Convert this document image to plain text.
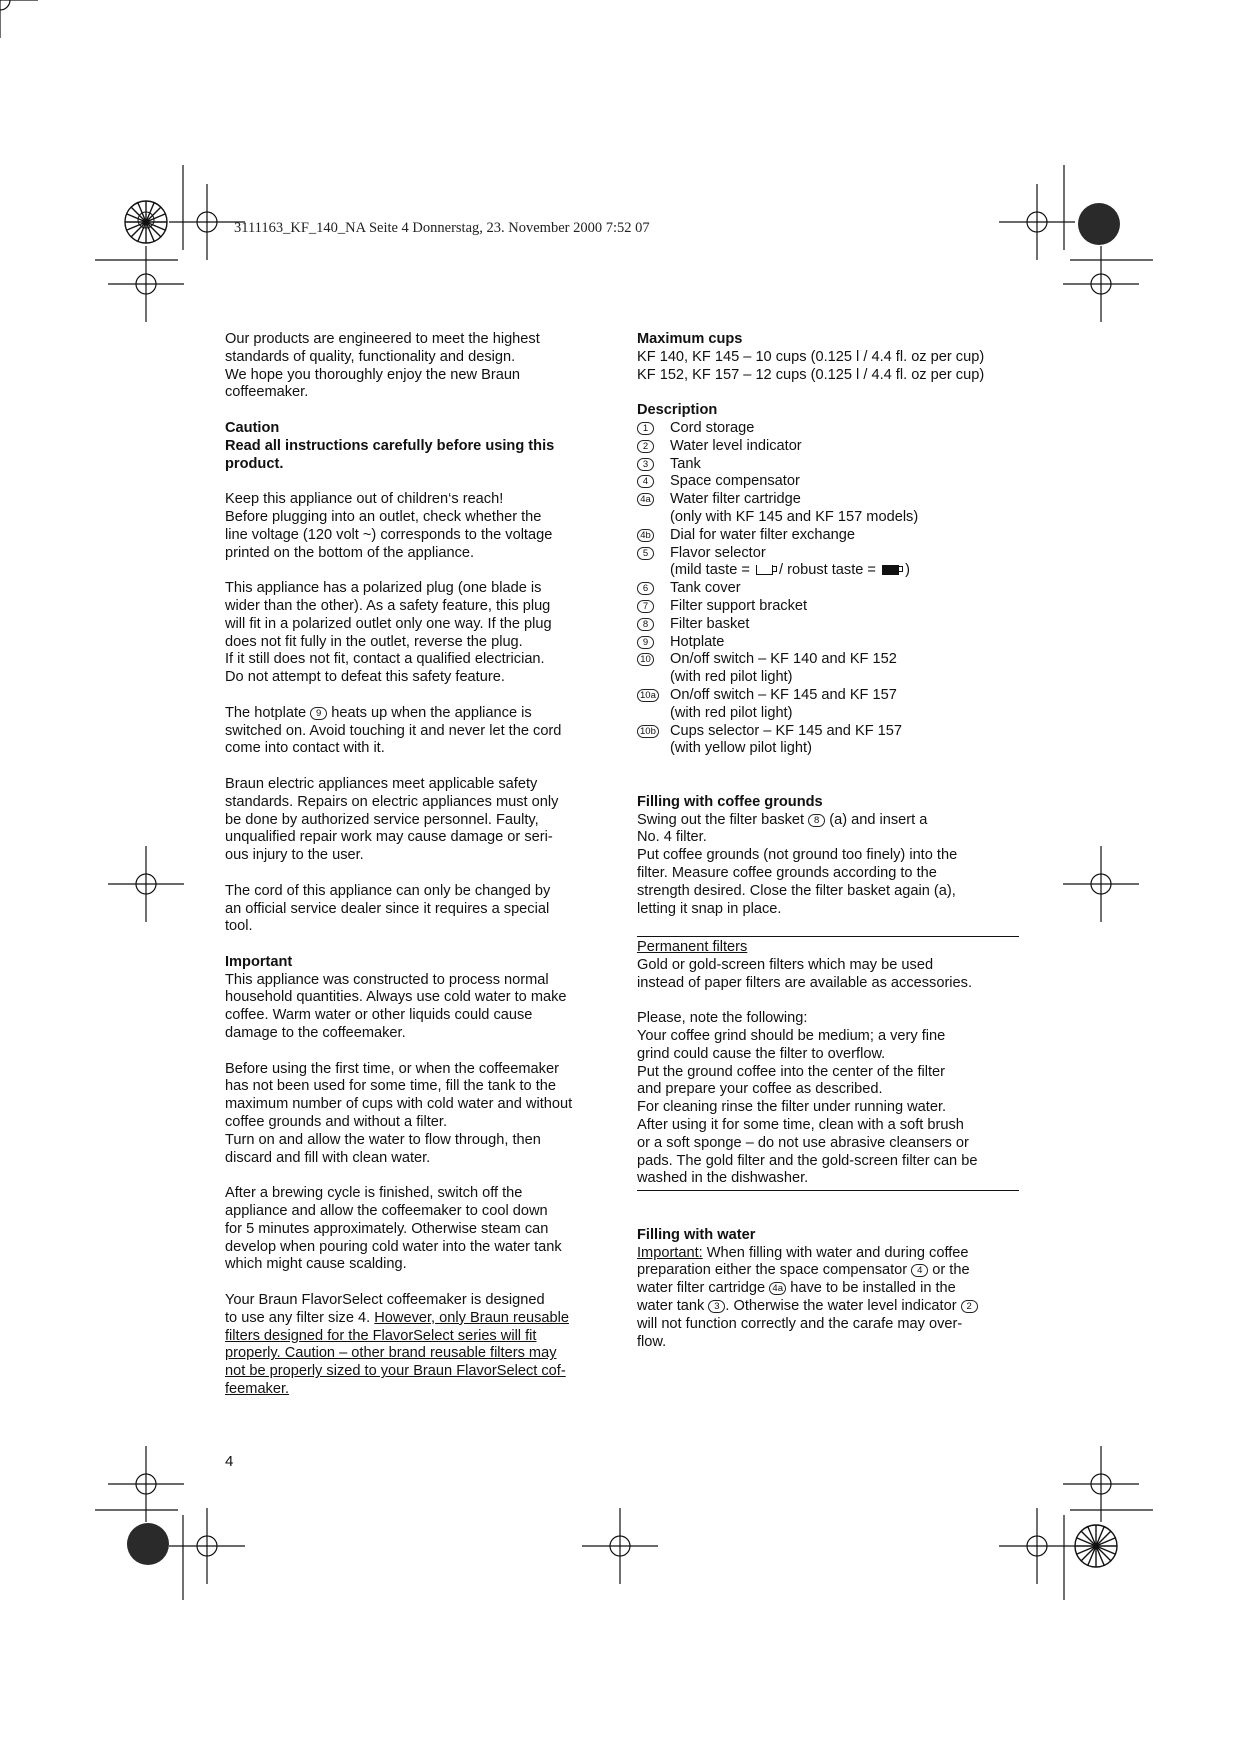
3111163_KF_140_NA Seite 4 Donnerstag, 23. November 2000 7:52 07

Our products are engineered to meet the highest

standards of quality, functionality and design.

We hope you thoroughly enjoy the new Braun

coffeemaker.

Caution

Read all instructions carefully before using this

product.

Keep this appliance out of children‘s reach!

Before plugging into an outlet, check whether the

line voltage (120 volt ~) corresponds to the voltage

printed on the bottom of the appliance.

This appliance has a polarized plug (one blade is

wider than the other). As a safety feature, this plug

will fit in a polarized outlet only one way. If the plug

does not fit fully in the outlet, reverse the plug.

If it still does not fit, contact a qualified electrician.

Do not attempt to defeat this safety feature.

The hotplate 9 heats up when the appliance is

switched on. Avoid touching it and never let the cord

come into contact with it.

Braun electric appliances meet applicable safety

standards. Repairs on electric appliances must only

be done by authorized service personnel. Faulty,

unqualified repair work may cause damage or seri-

ous injury to the user.

The cord of this appliance can only be changed by

an official service dealer since it requires a special

tool.

Important

This appliance was constructed to process normal

household quantities. Always use cold water to make

coffee. Warm water or other liquids could cause

damage to the coffeemaker.

Before using the first time, or when the coffeemaker

has not been used for some time, fill the tank to the

maximum number of cups with cold water and without

coffee grounds and without a filter.

Turn on and allow the water to flow through, then

discard and fill with clean water.

After a brewing cycle is finished, switch off the

appliance and allow the coffeemaker to cool down

for 5 minutes approximately. Otherwise steam can

develop when pouring cold water into the water tank

which might cause scalding.

Your Braun FlavorSelect coffeemaker is designed

to use any filter size 4. However, only Braun reusable

filters designed for the FlavorSelect series will fit

properly. Caution – other brand reusable filters may

not be properly sized to your Braun FlavorSelect cof-

feemaker.

Maximum cups

KF 140, KF 145 – 10 cups (0.125 l / 4.4 fl. oz per cup)

KF 152, KF 157 – 12 cups (0.125 l / 4.4 fl. oz per cup)

Description

1	Cord storage
2	Water level indicator
3	Tank
4	Space compensator
4a	Water filter cartridge
(only with KF 145 and KF 157 models)
4b	Dial for water filter exchange
5	Flavor selector
(mild taste = / robust taste = )
6	Tank cover
7	Filter support bracket
8	Filter basket
9	Hotplate
10	On/off switch – KF 140 and KF 152
(with red pilot light)
10a On/off switch – KF 145 and KF 157
(with red pilot light)
10b Cups selector – KF 145 and KF 157
(with yellow pilot light)

Filling with coffee grounds

Swing out the filter basket 8 (a) and insert a

No. 4 filter.

Put coffee grounds (not ground too finely) into the

filter. Measure coffee grounds according to the

strength desired. Close the filter basket again (a),

letting it snap in place.

Permanent filters

Gold or gold-screen filters which may be used

instead of paper filters are available as accessories.

Please, note the following:

Your coffee grind should be medium; a very fine

grind could cause the filter to overflow.

Put the ground coffee into the center of the filter

and prepare your coffee as described.

For cleaning rinse the filter under running water.

After using it for some time, clean with a soft brush

or a soft sponge – do not use abrasive cleansers or

pads. The gold filter and the gold-screen filter can be

washed in the dishwasher.

Filling with water

Important: When filling with water and during coffee

preparation either the space compensator 4 or the

water filter cartridge 4a have to be installed in the

water tank 3 . Otherwise the water level indicator 2

will not function correctly and the carafe may over-

flow.

4
